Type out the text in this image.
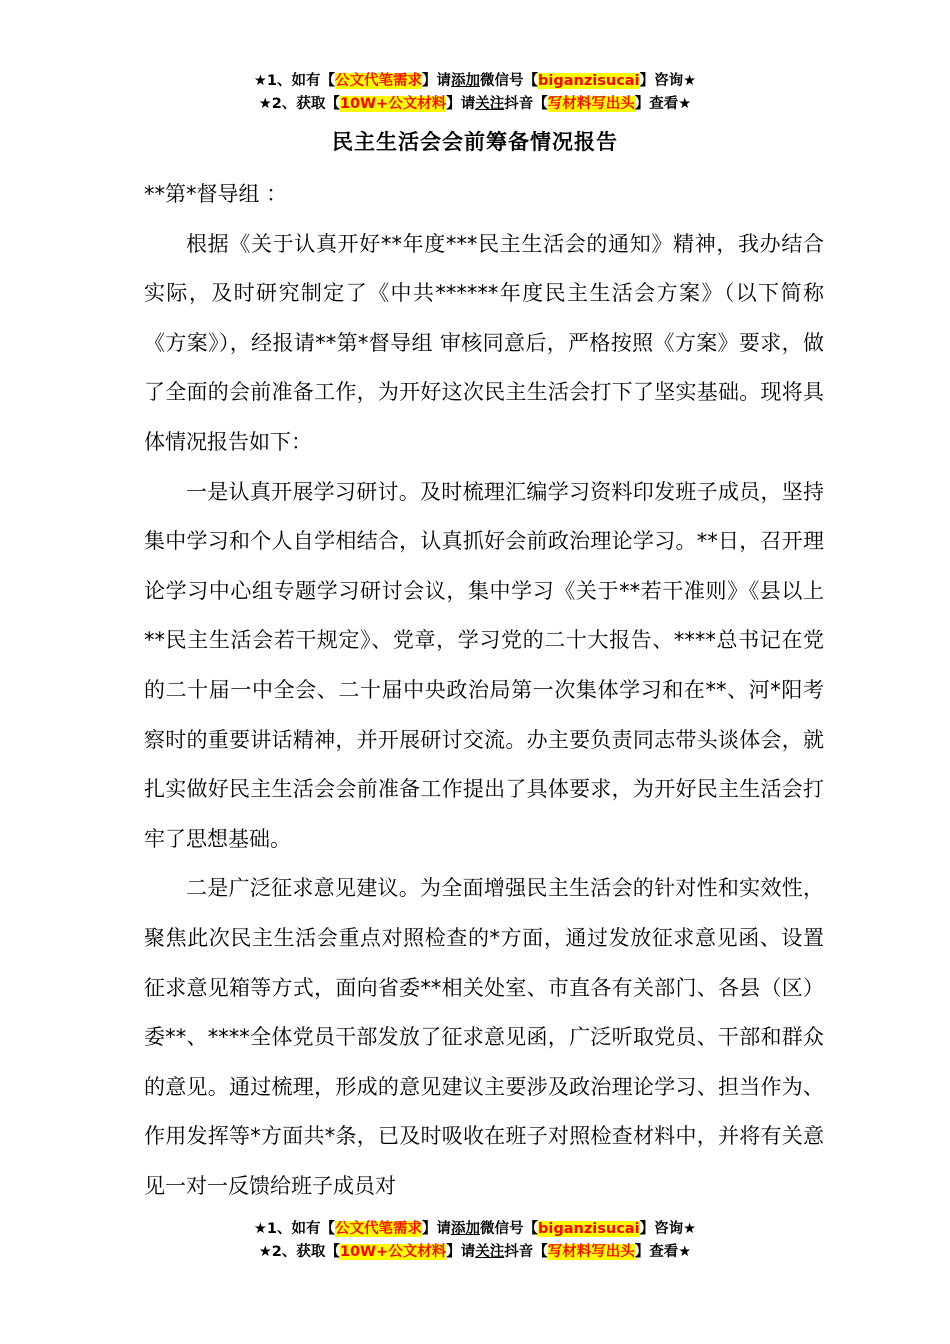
★1、如有【公文代笔需求】请添加微信号【biganzisucai】咨询★
★2、获取【10W+公文材料】请关注抖音【写材料写出头】查看★
民主生活会会前筹备情况报告

**第*督导组 ：

根据《关于认真开好**年度***民主生活会的通知》精神，我办结合实际，及时研究制定了《中共******年度民主生活会方案》（以下简称《方案》），经报请**第*督导组 审核同意后，严格按照《方案》要求，做了全面的会前准备工作，为开好这次民主生活会打下了坚实基础。现将具体情况报告如下：

一是认真开展学习研讨。及时梳理汇编学习资料印发班子成员，坚持集中学习和个人自学相结合，认真抓好会前政治理论学习。**日，召开理论学习中心组专题学习研讨会议，集中学习《关于**若干准则》《县以上**民主生活会若干规定》、党章，学习党的二十大报告、****总书记在党的二十届一中全会、二十届中央政治局第一次集体学习和在**、河*阳考察时的重要讲话精神，并开展研讨交流。办主要负责同志带头谈体会，就扎实做好民主生活会会前准备工作提出了具体要求，为开好民主生活会打牢了思想基础。

二是广泛征求意见建议。为全面增强民主生活会的针对性和实效性，聚焦此次民主生活会重点对照检查的*方面，通过发放征求意见函、设置征求意见箱等方式，面向省委**相关处室、市直各有关部门、各县（区）委**、****全体党员干部发放了征求意见函，广泛听取党员、干部和群众的意见。通过梳理，形成的意见建议主要涉及政治理论学习、担当作为、作用发挥等*方面共*条，已及时吸收在班子对照检查材料中，并将有关意见一对一反馈给班子成员对

★1、如有【公文代笔需求】请添加微信号【biganzisucai】咨询★
★2、获取【10W+公文材料】请关注抖音【写材料写出头】查看★
